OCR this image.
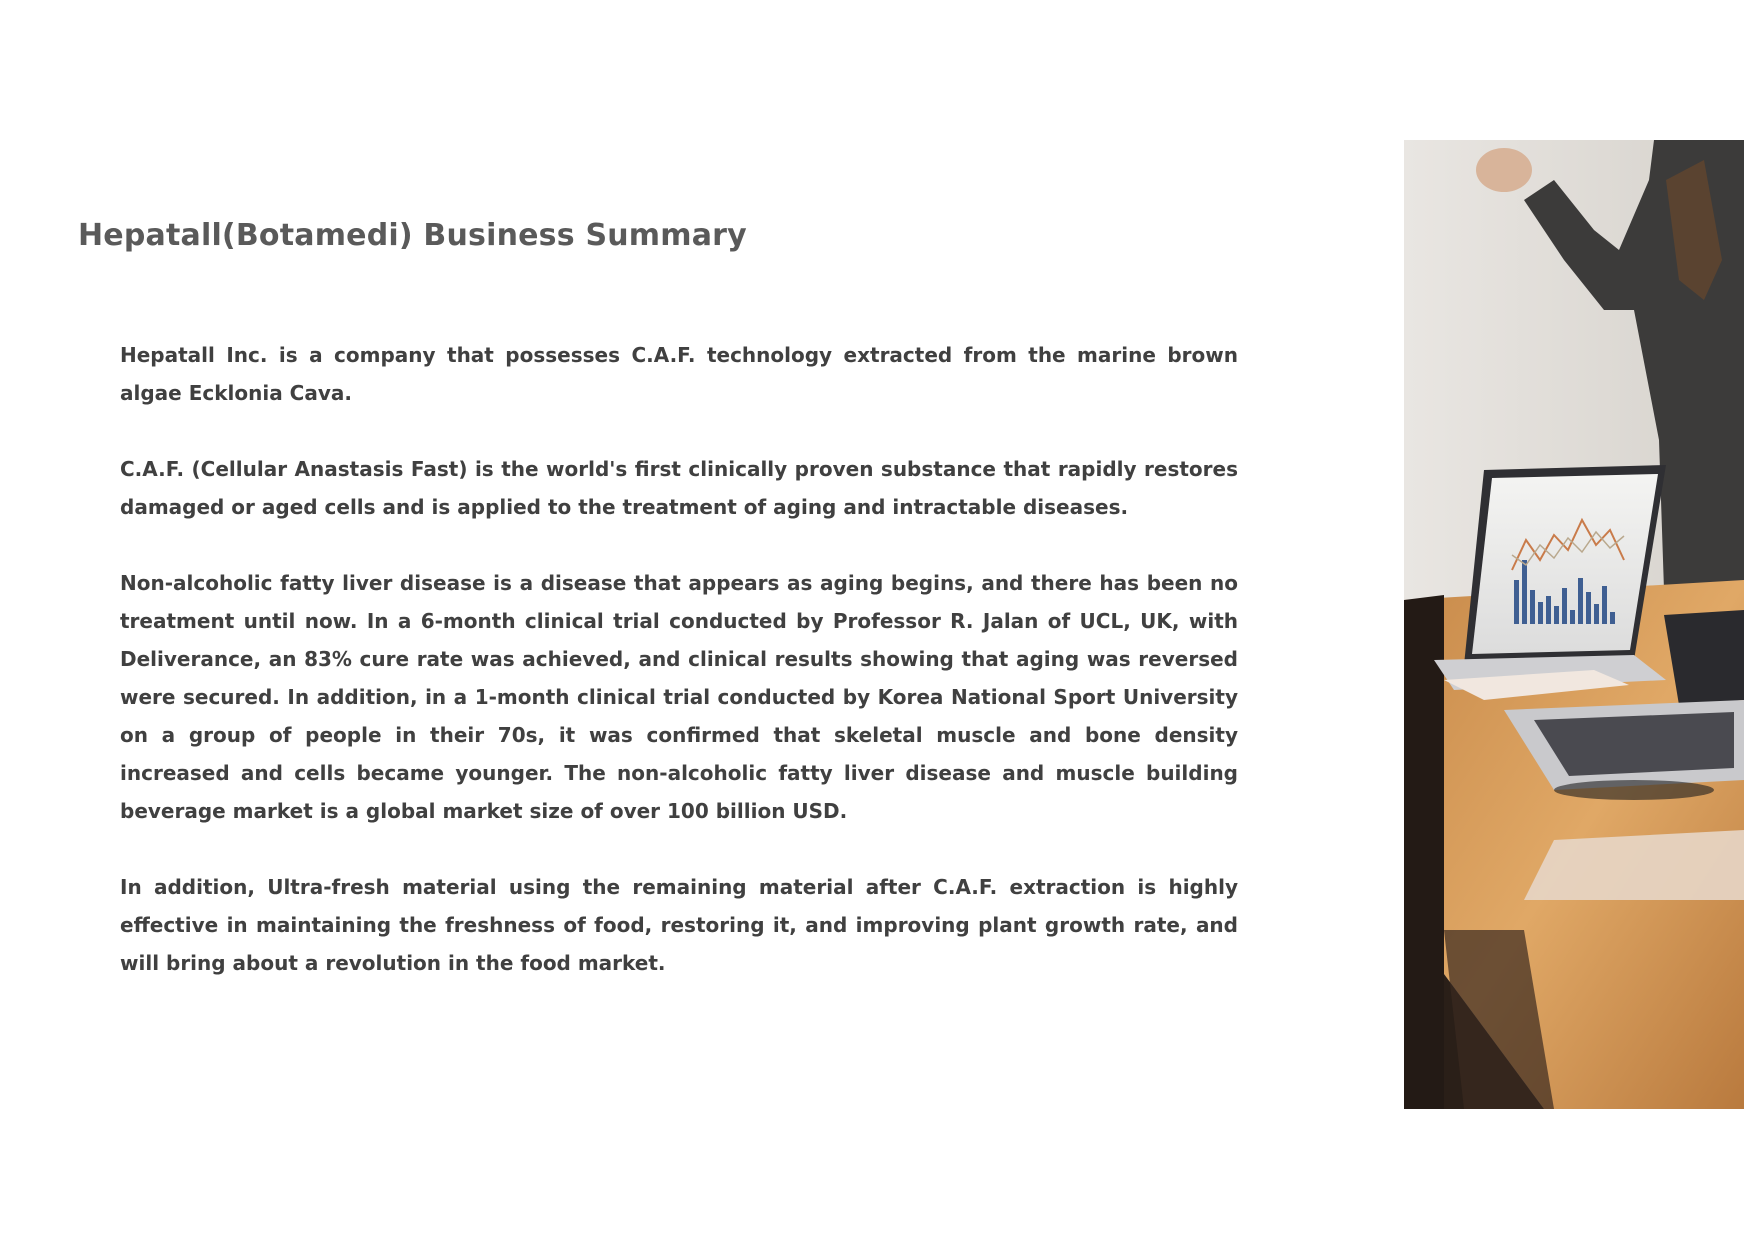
Hepatall(Botamedi) Business Summary

Hepatall Inc. is a company that possesses C.A.F. technology extracted from the marine brown algae Ecklonia Cava.

C.A.F. (Cellular Anastasis Fast) is the world's first clinically proven substance that rapidly restores damaged or aged cells and is applied to the treatment of aging and intractable diseases.

Non-alcoholic fatty liver disease is a disease that appears as aging begins, and there has been no treatment until now. In a 6-month clinical trial conducted by Professor R. Jalan of UCL, UK, with Deliverance, an 83% cure rate was achieved, and clinical results showing that aging was reversed were secured. In addition, in a 1-month clinical trial conducted by Korea National Sport University on a group of people in their 70s, it was confirmed that skeletal muscle and bone density increased and cells became younger. The non-alcoholic fatty liver disease and muscle building beverage market is a global market size of over 100 billion USD.

In addition, Ultra-fresh material using the remaining material after C.A.F. extraction is highly effective in maintaining the freshness of food, restoring it, and improving plant growth rate, and will bring about a revolution in the food market.
